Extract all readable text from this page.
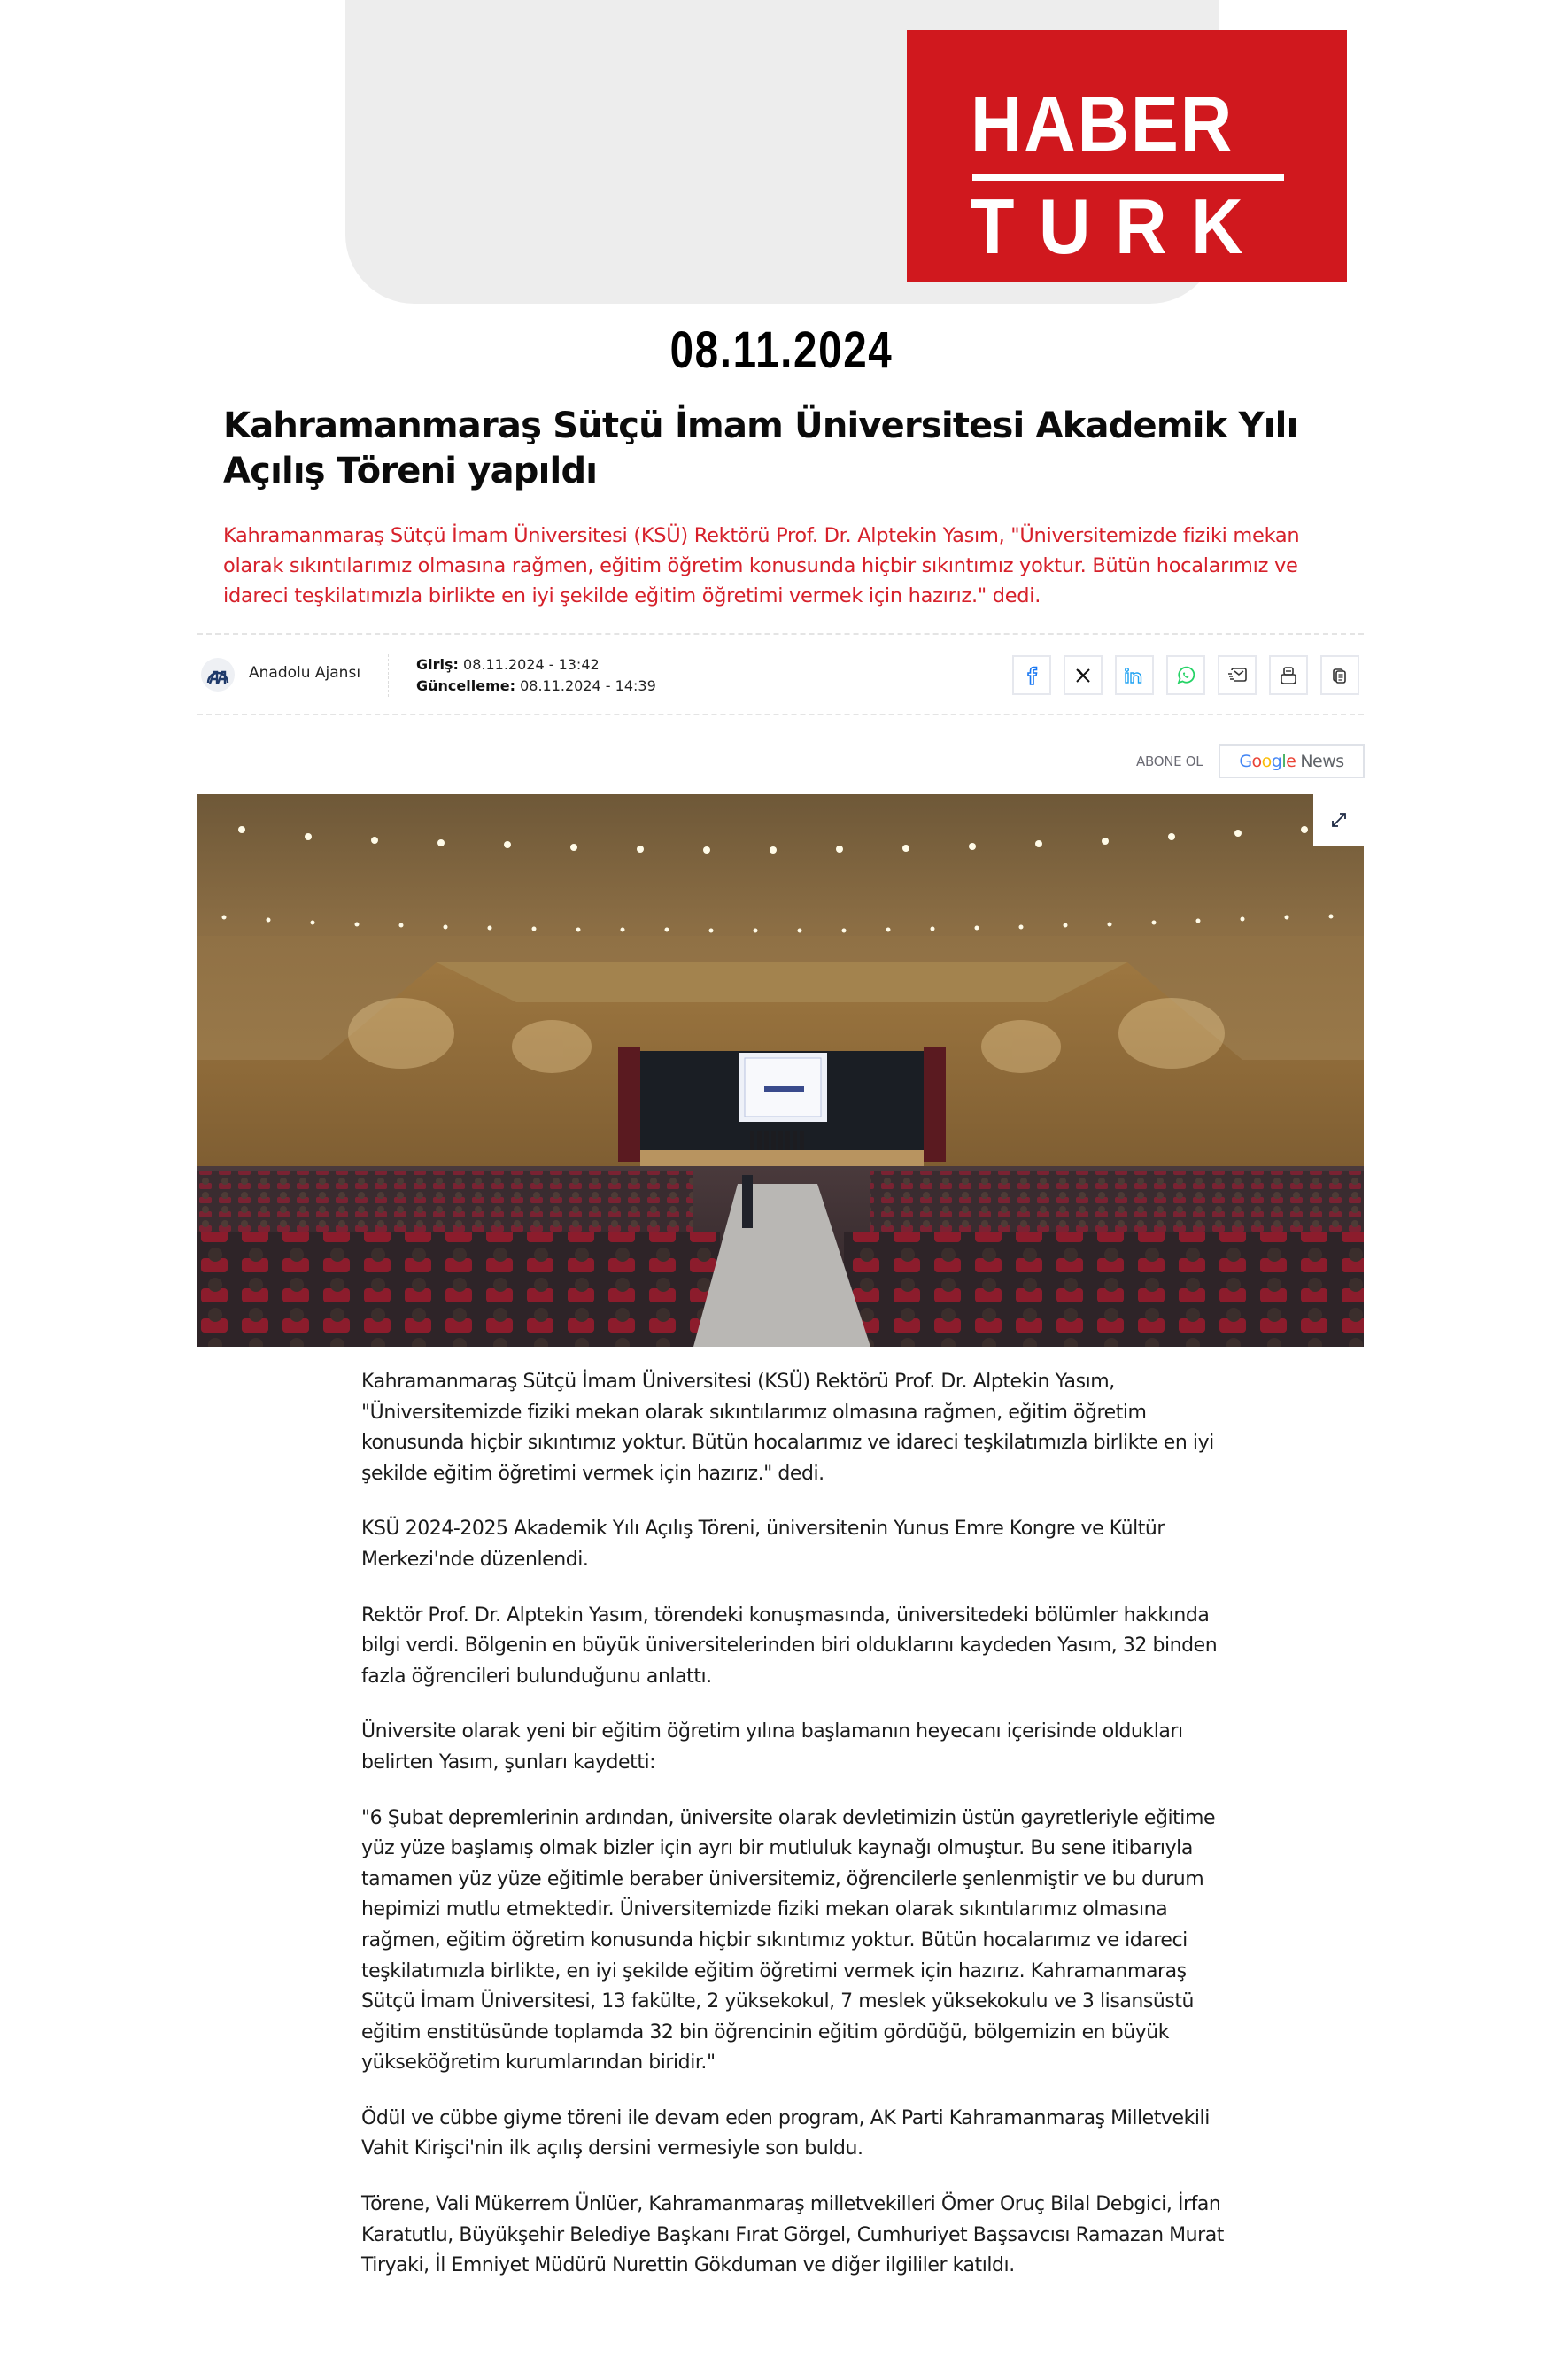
HABER
TURK
08.11.2024
Kahramanmaraş Sütçü İmam Üniversitesi Akademik Yılı Açılış Töreni yapıldı

Kahramanmaraş Sütçü İmam Üniversitesi (KSÜ) Rektörü Prof. Dr. Alptekin Yasım, "Üniversitemizde fiziki mekan olarak sıkıntılarımız olmasına rağmen, eğitim öğretim konusunda hiçbir sıkıntımız yoktur. Bütün hocalarımız ve idareci teşkilatımızla birlikte en iyi şekilde eğitim öğretimi vermek için hazırız." dedi.

Anadolu Ajansı	Giriş: 08.11.2024 - 13:42
Güncelleme: 08.11.2024 - 14:39
ABONE OL G o o g l e News

Kahramanmaraş Sütçü İmam Üniversitesi (KSÜ) Rektörü Prof. Dr. Alptekin Yasım, "Üniversitemizde fiziki mekan olarak sıkıntılarımız olmasına rağmen, eğitim öğretim konusunda hiçbir sıkıntımız yoktur. Bütün hocalarımız ve idareci teşkilatımızla birlikte en iyi şekilde eğitim öğretimi vermek için hazırız." dedi.

KSÜ 2024-2025 Akademik Yılı Açılış Töreni, üniversitenin Yunus Emre Kongre ve Kültür Merkezi'nde düzenlendi.

Rektör Prof. Dr. Alptekin Yasım, törendeki konuşmasında, üniversitedeki bölümler hakkında bilgi verdi. Bölgenin en büyük üniversitelerinden biri olduklarını kaydeden Yasım, 32 binden fazla öğrencileri bulunduğunu anlattı.

Üniversite olarak yeni bir eğitim öğretim yılına başlamanın heyecanı içerisinde oldukları belirten Yasım, şunları kaydetti:

"6 Şubat depremlerinin ardından, üniversite olarak devletimizin üstün gayretleriyle eğitime yüz yüze başlamış olmak bizler için ayrı bir mutluluk kaynağı olmuştur. Bu sene itibarıyla tamamen yüz yüze eğitimle beraber üniversitemiz, öğrencilerle şenlenmiştir ve bu durum hepimizi mutlu etmektedir. Üniversitemizde fiziki mekan olarak sıkıntılarımız olmasına rağmen, eğitim öğretim konusunda hiçbir sıkıntımız yoktur. Bütün hocalarımız ve idareci teşkilatımızla birlikte, en iyi şekilde eğitim öğretimi vermek için hazırız. Kahramanmaraş Sütçü İmam Üniversitesi, 13 fakülte, 2 yüksekokul, 7 meslek yüksekokulu ve 3 lisansüstü eğitim enstitüsünde toplamda 32 bin öğrencinin eğitim gördüğü, bölgemizin en büyük yükseköğretim kurumlarından biridir."

Ödül ve cübbe giyme töreni ile devam eden program, AK Parti Kahramanmaraş Milletvekili Vahit Kirişci'nin ilk açılış dersini vermesiyle son buldu.

Törene, Vali Mükerrem Ünlüer, Kahramanmaraş milletvekilleri Ömer Oruç Bilal Debgici, İrfan Karatutlu, Büyükşehir Belediye Başkanı Fırat Görgel, Cumhuriyet Başsavcısı Ramazan Murat Tiryaki, İl Emniyet Müdürü Nurettin Gökduman ve diğer ilgililer katıldı.
